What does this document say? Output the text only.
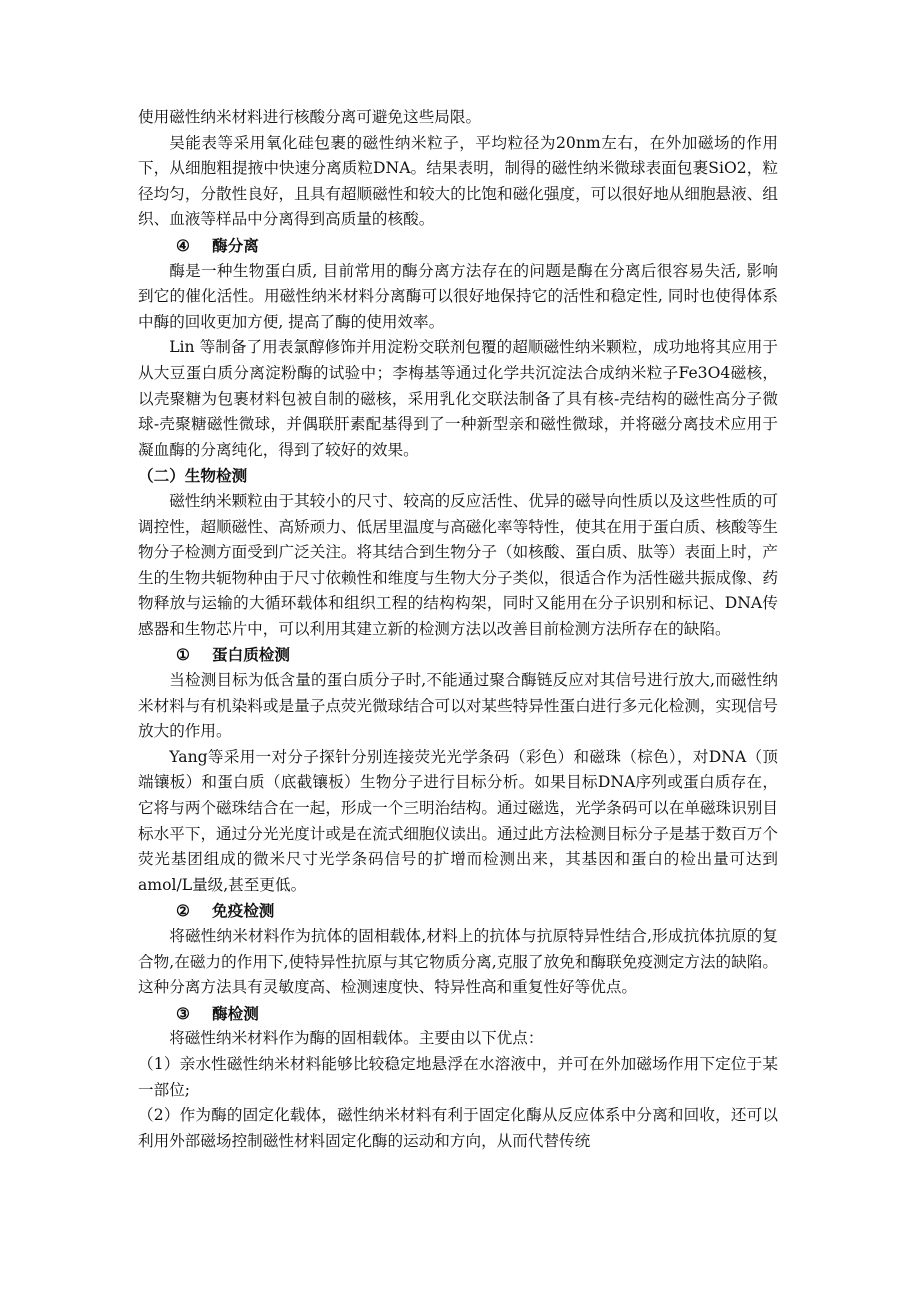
使用磁性纳米材料进行核酸分离可避免这些局限。

吴能表等采用氧化硅包裹的磁性纳米粒子，平均粒径为20nm左右，在外加磁场的作用下，从细胞粗提掖中快速分离质粒DNA。结果表明，制得的磁性纳米微球表面包裹SiO2，粒径均匀，分散性良好，且具有超顺磁性和较大的比饱和磁化强度，可以很好地从细胞悬液、组织、血液等样品中分离得到高质量的核酸。

④ 酶分离

酶是一种生物蛋白质, 目前常用的酶分离方法存在的问题是酶在分离后很容易失活, 影响到它的催化活性。用磁性纳米材料分离酶可以很好地保持它的活性和稳定性, 同时也使得体系中酶的回收更加方便, 提高了酶的使用效率。

Lin 等制备了用表氯醇修饰并用淀粉交联剂包覆的超顺磁性纳米颗粒，成功地将其应用于从大豆蛋白质分离淀粉酶的试验中；李梅基等通过化学共沉淀法合成纳米粒子Fe3O4磁核，以壳聚糖为包裹材料包被自制的磁核，采用乳化交联法制备了具有核-壳结构的磁性高分子微球-壳聚糖磁性微球，并偶联肝素配基得到了一种新型亲和磁性微球，并将磁分离技术应用于凝血酶的分离纯化，得到了较好的效果。

（二）生物检测

磁性纳米颗粒由于其较小的尺寸、较高的反应活性、优异的磁导向性质以及这些性质的可调控性，超顺磁性、高矫顽力、低居里温度与高磁化率等特性，使其在用于蛋白质、核酸等生物分子检测方面受到广泛关注。将其结合到生物分子（如核酸、蛋白质、肽等）表面上时，产生的生物共轭物种由于尺寸依赖性和维度与生物大分子类似，很适合作为活性磁共振成像、药物释放与运输的大循环载体和组织工程的结构构架，同时又能用在分子识别和标记、DNA传感器和生物芯片中，可以利用其建立新的检测方法以改善目前检测方法所存在的缺陷。

① 蛋白质检测

当检测目标为低含量的蛋白质分子时,不能通过聚合酶链反应对其信号进行放大,而磁性纳米材料与有机染料或是量子点荧光微球结合可以对某些特异性蛋白进行多元化检测，实现信号放大的作用。

Yang等采用一对分子探针分别连接荧光光学条码（彩色）和磁珠（棕色），对DNA（顶端镶板）和蛋白质（底截镶板）生物分子进行目标分析。如果目标DNA序列或蛋白质存在，它将与两个磁珠结合在一起，形成一个三明治结构。通过磁选，光学条码可以在单磁珠识别目标水平下，通过分光光度计或是在流式细胞仪读出。通过此方法检测目标分子是基于数百万个荧光基团组成的微米尺寸光学条码信号的扩增而检测出来，其基因和蛋白的检出量可达到amol/L量级,甚至更低。

② 免疫检测

将磁性纳米材料作为抗体的固相载体,材料上的抗体与抗原特异性结合,形成抗体抗原的复合物,在磁力的作用下,使特异性抗原与其它物质分离,克服了放免和酶联免疫测定方法的缺陷。这种分离方法具有灵敏度高、检测速度快、特异性高和重复性好等优点。

③ 酶检测

将磁性纳米材料作为酶的固相载体。主要由以下优点：

（1）亲水性磁性纳米材料能够比较稳定地悬浮在水溶液中，并可在外加磁场作用下定位于某一部位;

（2）作为酶的固定化载体，磁性纳米材料有利于固定化酶从反应体系中分离和回收，还可以利用外部磁场控制磁性材料固定化酶的运动和方向，从而代替传统
